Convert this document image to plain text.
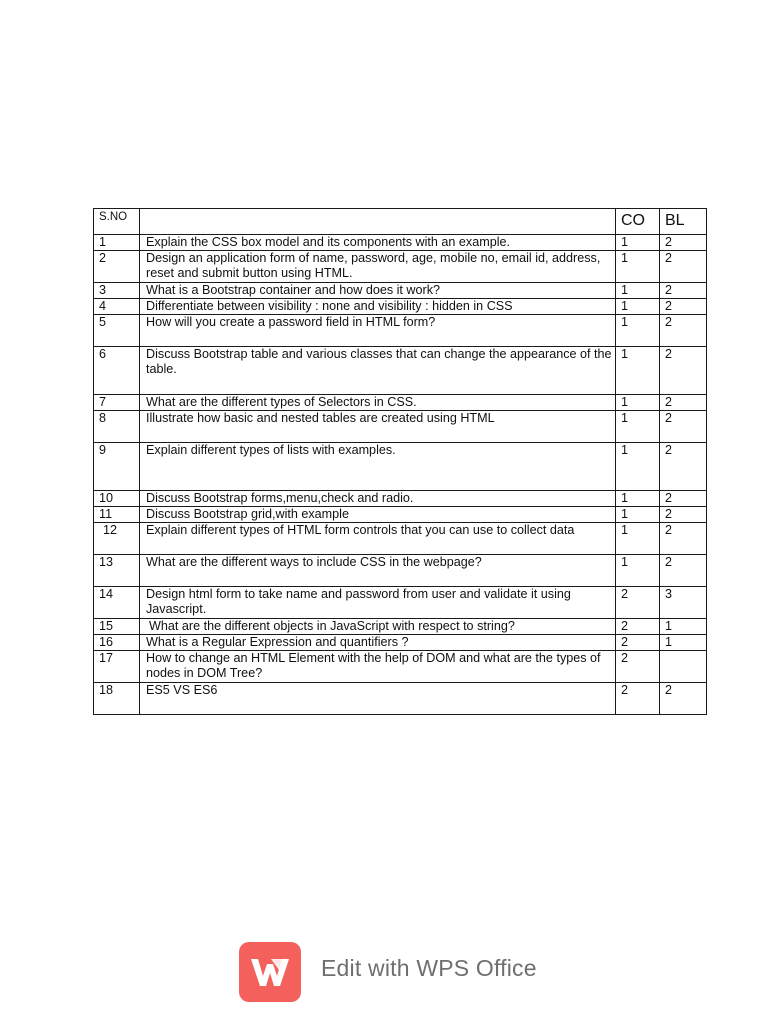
S.NO		CO	BL
1	Explain the CSS box model and its components with an example.	1	2
2	Design an application form of name, password, age, mobile no, email id, address, reset and submit button using HTML.	1	2
3	What is a Bootstrap container and how does it work?	1	2
4	Differentiate between visibility : none and visibility : hidden in CSS	1	2
5	How will you create a password field in HTML form?	1	2
6	Discuss Bootstrap table and various classes that can change the appearance of the table.	1	2
7	What are the different types of Selectors in CSS.	1	2
8	Illustrate how basic and nested tables are created using HTML	1	2
9	Explain different types of lists with examples.	1	2
10	Discuss Bootstrap forms,menu,check and radio.	1	2
11	Discuss Bootstrap grid,with example	1	2
12	Explain different types of HTML form controls that you can use to collect data	1	2
13	What are the different ways to include CSS in the webpage?	1	2
14	Design html form to take name and password from user and validate it using Javascript.	2	3
15	What are the different objects in JavaScript with respect to string?	2	1
16	What is a Regular Expression and quantifiers ?	2	1
17	How to change an HTML Element with the help of DOM and what are the types of nodes in DOM Tree?	2	
18	ES5 VS ES6	2	2
Edit with WPS Office
